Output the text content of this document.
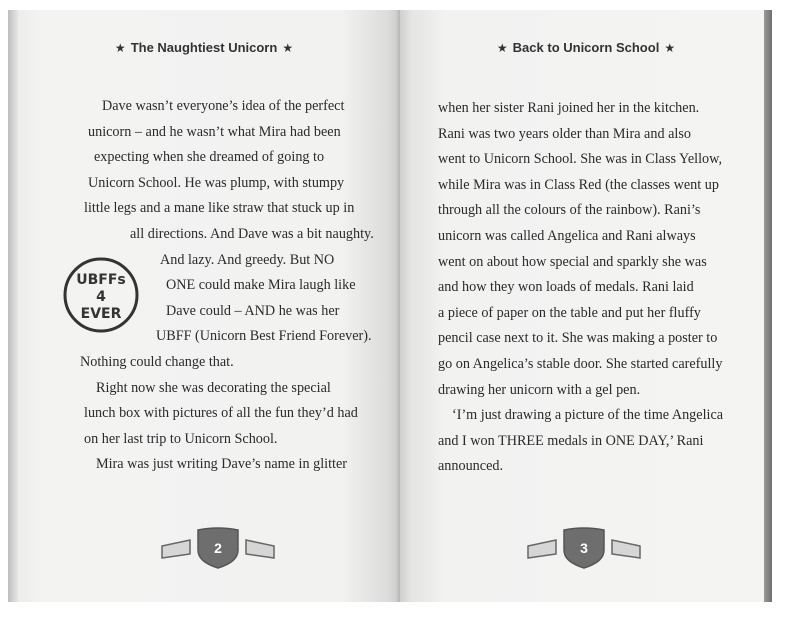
★ The Naughtiest Unicorn ★
Dave wasn’t everyone’s idea of the perfect
unicorn – and he wasn’t what Mira had been
expecting when she dreamed of going to
Unicorn School. He was plump, with stumpy
little legs and a mane like straw that stuck up in
all directions. And Dave was a bit naughty.
And lazy. And greedy. But NO
ONE could make Mira laugh like
Dave could – AND he was her
UBFF (Unicorn Best Friend Forever).
Nothing could change that.
Right now she was decorating the special
lunch box with pictures of all the fun they’d had
on her last trip to Unicorn School.
Mira was just writing Dave’s name in glitter
UBFFs
4
EVER
2
★ Back to Unicorn School ★
when her sister Rani joined her in the kitchen.
Rani was two years older than Mira and also
went to Unicorn School. She was in Class Yellow,
while Mira was in Class Red (the classes went up
through all the colours of the rainbow). Rani’s
unicorn was called Angelica and Rani always
went on about how special and sparkly she was
and how they won loads of medals. Rani laid
a piece of paper on the table and put her fluffy
pencil case next to it. She was making a poster to
go on Angelica’s stable door. She started carefully
drawing her unicorn with a gel pen.
‘I’m just drawing a picture of the time Angelica
and I won THREE medals in ONE DAY,’ Rani
announced.
3
